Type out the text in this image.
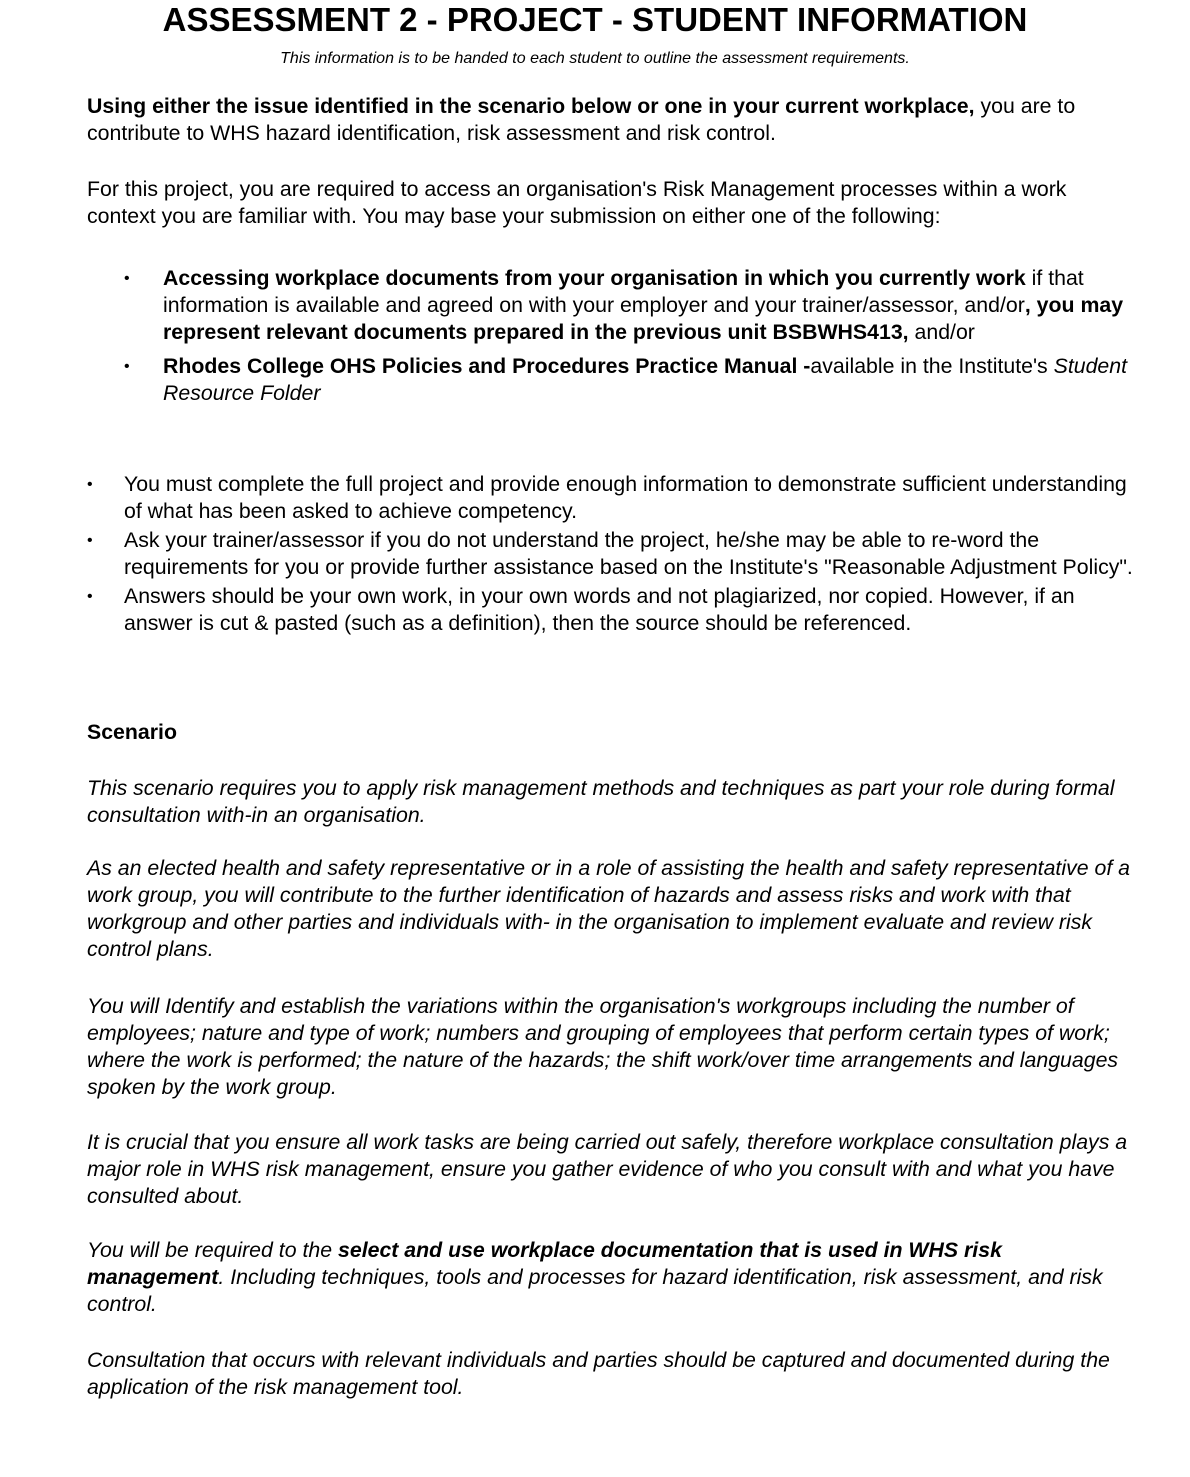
ASSESSMENT 2 - PROJECT - STUDENT INFORMATION

This information is to be handed to each student to outline the assessment requirements.

Using either the issue identified in the scenario below or one in your current workplace, you are to contribute to WHS hazard identification, risk assessment and risk control.

For this project, you are required to access an organisation's Risk Management processes within a work context you are familiar with. You may base your submission on either one of the following:

• Accessing workplace documents from your organisation in which you currently work if that information is available and agreed on with your employer and your trainer/assessor, and/or, you may represent relevant documents prepared in the previous unit BSBWHS413, and/or
• Rhodes College OHS Policies and Procedures Practice Manual -available in the Institute's Student Resource Folder
• You must complete the full project and provide enough information to demonstrate sufficient understanding of what has been asked to achieve competency.
• Ask your trainer/assessor if you do not understand the project, he/she may be able to re-word the requirements for you or provide further assistance based on the Institute's "Reasonable Adjustment Policy".
• Answers should be your own work, in your own words and not plagiarized, nor copied. However, if an answer is cut & pasted (such as a definition), then the source should be referenced.

Scenario

This scenario requires you to apply risk management methods and techniques as part your role during formal consultation with-in an organisation.

As an elected health and safety representative or in a role of assisting the health and safety representative of a work group, you will contribute to the further identification of hazards and assess risks and work with that workgroup and other parties and individuals with- in the organisation to implement evaluate and review risk control plans.

You will Identify and establish the variations within the organisation's workgroups including the number of employees; nature and type of work; numbers and grouping of employees that perform certain types of work; where the work is performed; the nature of the hazards; the shift work/over time arrangements and languages spoken by the work group.

It is crucial that you ensure all work tasks are being carried out safely, therefore workplace consultation plays a major role in WHS risk management, ensure you gather evidence of who you consult with and what you have consulted about.

You will be required to the select and use workplace documentation that is used in WHS risk management. Including techniques, tools and processes for hazard identification, risk assessment, and risk control.

Consultation that occurs with relevant individuals and parties should be captured and documented during the application of the risk management tool.
